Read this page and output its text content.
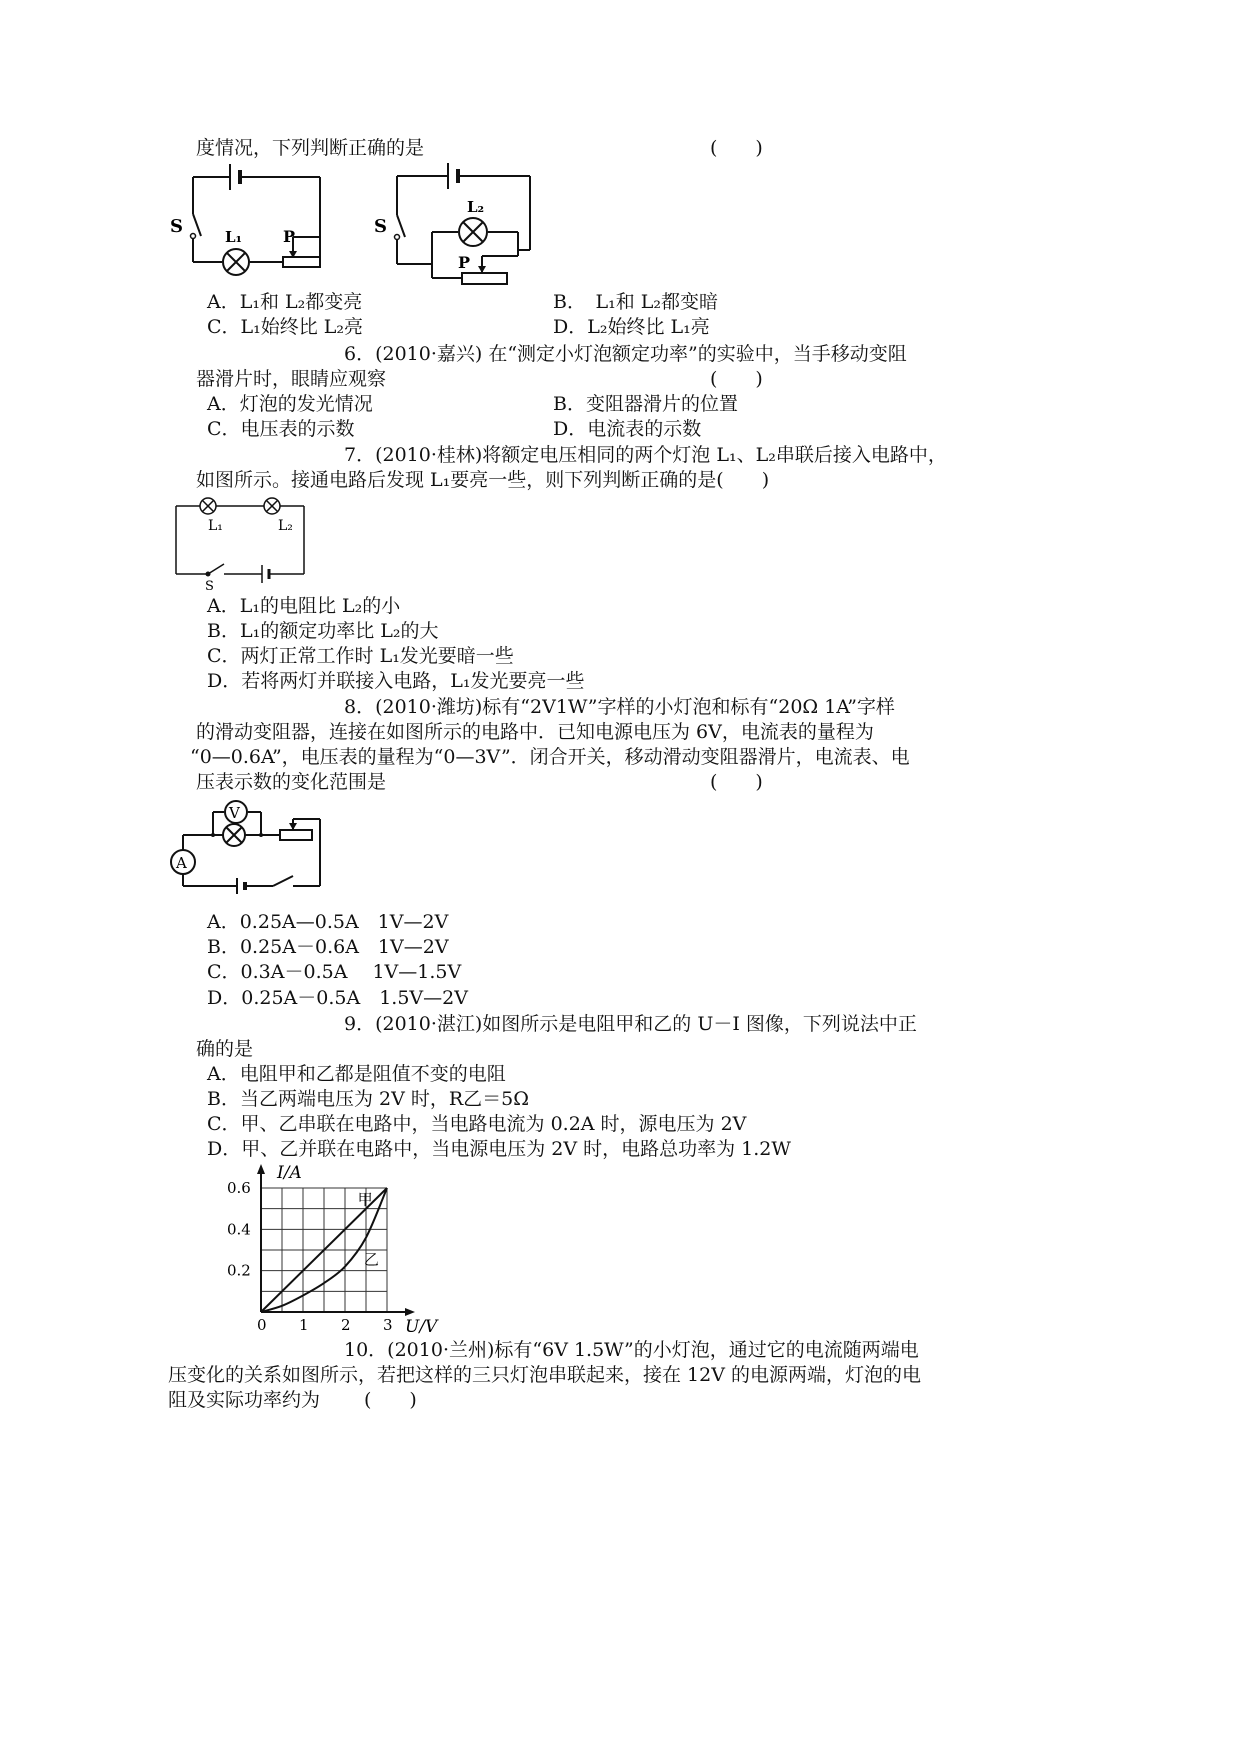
度情况，下列判断正确的是	(　　)
S	L₁	P	S
L₂
P
A．L₁和 L₂都变亮	B．　L₁和 L₂都变暗
C．L₁始终比 L₂亮	D．L₂始终比 L₁亮
6．(2010·嘉兴) 在“测定小灯泡额定功率”的实验中，当手移动变阻
器滑片时，眼睛应观察	(　　)
A．灯泡的发光情况	B．变阻器滑片的位置
C．电压表的示数	D．电流表的示数
7．(2010·桂林)将额定电压相同的两个灯泡 L₁、L₂串联后接入电路中，
如图所示。接通电路后发现 L₁要亮一些，则下列判断正确的是(　　)
L₁	L₂
S
A．L₁的电阻比 L₂的小
B．L₁的额定功率比 L₂的大
C．两灯正常工作时 L₁发光要暗一些
D．若将两灯并联接入电路，L₁发光要亮一些
8．(2010·潍坊)标有“2V1W”字样的小灯泡和标有“20Ω 1A”字样
的滑动变阻器，连接在如图所示的电路中．已知电源电压为 6V，电流表的量程为
“0—0.6A”，电压表的量程为“0—3V”．闭合开关，移动滑动变阻器滑片，电流表、电
压表示数的变化范围是	(　　)
V
A
A．0.25A—0.5A　1V—2V
B．0.25A－0.6A　1V—2V
C．0.3A－0.5A　 1V—1.5V
D．0.25A－0.5A　1.5V—2V
9．(2010·湛江)如图所示是电阻甲和乙的 U－I 图像，下列说法中正
确的是
A．电阻甲和乙都是阻值不变的电阻
B．当乙两端电压为 2V 时，R乙＝5Ω
C．甲、乙串联在电路中，当电路电流为 0.2A 时，源电压为 2V
D．甲、乙并联在电路中，当电源电压为 2V 时，电路总功率为 1.2W
0 1 2 3
0.2
0.4
0.6
甲
乙
I/A
U/V
10．(2010·兰州)标有“6V 1.5W”的小灯泡，通过它的电流随两端电
压变化的关系如图所示，若把这样的三只灯泡串联起来，接在 12V 的电源两端，灯泡的电
阻及实际功率约为 (　　)
